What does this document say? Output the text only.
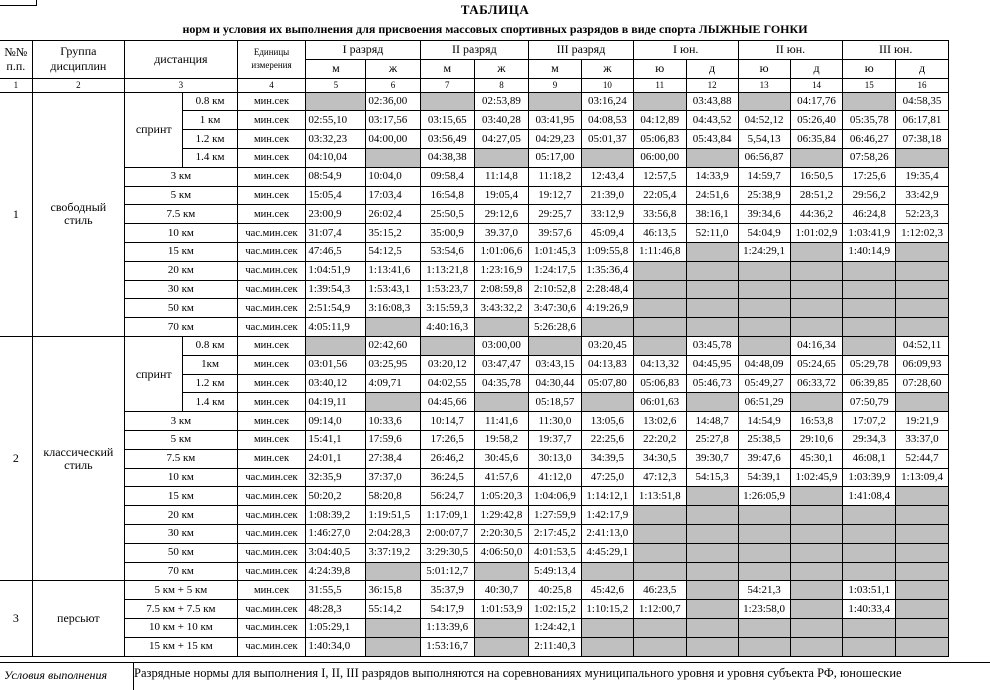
ТАБЛИЦА
норм и условия их выполнения для присвоения массовых спортивных разрядов в виде спорта ЛЫЖНЫЕ ГОНКИ
№№
п.п.	Группа
дисциплин	дистанция		Единицы
измерения	I разряд		II разряд		III разряд		I юн.		II юн.		III юн.	
					м	ж	м	ж	м	ж	ю	д	ю	д	ю	д
1	2	3		4	5	6	7	8	9	10	11	12	13	14	15	16
1	свободный
стиль	спринт	0.8 км	мин.сек		02:36,00		02:53,89		03:16,24		03:43,88		04:17,76		04:58,35
			1 км	мин.сек	02:55,10	03:17,56	03:15,65	03:40,28	03:41,95	04:08,53	04:12,89	04:43,52	04:52,12	05:26,40	05:35,78	06:17,81
			1.2 км	мин.сек	03:32,23	04:00,00	03:56,49	04:27,05	04:29,23	05:01,37	05:06,83	05:43,84	5,54,13	06:35,84	06:46,27	07:38,18
			1.4 км	мин.сек	04:10,04		04:38,38		05:17,00		06:00,00		06:56,87		07:58,26	
		3 км		мин.сек	08:54,9	10:04,0	09:58,4	11:14,8	11:18,2	12:43,4	12:57,5	14:33,9	14:59,7	16:50,5	17:25,6	19:35,4
		5 км		мин.сек	15:05,4	17:03,4	16:54,8	19:05,4	19:12,7	21:39,0	22:05,4	24:51,6	25:38,9	28:51,2	29:56,2	33:42,9
		7.5 км		мин.сек	23:00,9	26:02,4	25:50,5	29:12,6	29:25,7	33:12,9	33:56,8	38:16,1	39:34,6	44:36,2	46:24,8	52:23,3
		10 км		час.мин.сек	31:07,4	35:15,2	35:00,9	39.37,0	39:57,6	45:09,4	46:13,5	52:11,0	54:04,9	1:01:02,9	1:03:41,9	1:12:02,3
		15 км		час.мин.сек	47:46,5	54:12,5	53:54,6	1:01:06,6	1:01:45,3	1:09:55,8	1:11:46,8		1:24:29,1		1:40:14,9	
		20 км		час.мин.сек	1:04:51,9	1:13:41,6	1:13:21,8	1:23:16,9	1:24:17,5	1:35:36,4						
		30 км		час.мин.сек	1:39:54,3	1:53:43,1	1:53:23,7	2:08:59,8	2:10:52,8	2:28:48,4						
		50 км		час.мин.сек	2:51:54,9	3:16:08,3	3:15:59,3	3:43:32,2	3:47:30,6	4:19:26,9						
		70 км		час.мин.сек	4:05:11,9		4:40:16,3		5:26:28,6							
2	классический
стиль	спринт	0.8 км	мин.сек		02:42,60		03:00,00		03:20,45		03:45,78		04:16,34		04:52,11
			1км	мин.сек	03:01,56	03:25,95	03:20,12	03:47,47	03:43,15	04:13,83	04:13,32	04:45,95	04:48,09	05:24,65	05:29,78	06:09,93
			1.2 км	мин.сек	03:40,12	4:09,71	04:02,55	04:35,78	04:30,44	05:07,80	05:06,83	05:46,73	05:49,27	06:33,72	06:39,85	07:28,60
			1.4 км	мин.сек	04:19,11		04:45,66		05:18,57		06:01,63		06:51,29		07:50,79	
		3 км		мин.сек	09:14,0	10:33,6	10:14,7	11:41,6	11:30,0	13:05,6	13:02,6	14:48,7	14:54,9	16:53,8	17:07,2	19:21,9
		5 км		мин.сек	15:41,1	17:59,6	17:26,5	19:58,2	19:37,7	22:25,6	22:20,2	25:27,8	25:38,5	29:10,6	29:34,3	33:37,0
		7.5 км		мин.сек	24:01,1	27:38,4	26:46,2	30:45,6	30:13,0	34:39,5	34:30,5	39:30,7	39:47,6	45:30,1	46:08,1	52:44,7
		10 км		час.мин.сек	32:35,9	37:37,0	36:24,5	41:57,6	41:12,0	47:25,0	47:12,3	54:15,3	54:39,1	1:02:45,9	1:03:39,9	1:13:09,4
		15 км		час.мин.сек	50:20,2	58:20,8	56:24,7	1:05:20,3	1:04:06,9	1:14:12,1	1:13:51,8		1:26:05,9		1:41:08,4	
		20 км		час.мин.сек	1:08:39,2	1:19:51,5	1:17:09,1	1:29:42,8	1:27:59,9	1:42:17,9						
		30 км		час.мин.сек	1:46:27,0	2:04:28,3	2:00:07,7	2:20:30,5	2:17:45,2	2:41:13,0						
		50 км		час.мин.сек	3:04:40,5	3:37:19,2	3:29:30,5	4:06:50,0	4:01:53,5	4:45:29,1						
		70 км		час.мин.сек	4:24:39,8		5:01:12,7		5:49:13,4							
3	персьют	5 км + 5 км		мин.сек	31:55,5	36:15,8	35:37,9	40:30,7	40:25,8	45:42,6	46:23,5		54:21,3		1:03:51,1	
		7.5 км + 7.5 км		час.мин.сек	48:28,3	55:14,2	54:17,9	1:01:53,9	1:02:15,2	1:10:15,2	1:12:00,7		1:23:58,0		1:40:33,4	
		10 км + 10 км		час.мин.сек	1:05:29,1		1:13:39,6		1:24:42,1							
		15 км + 15 км		час.мин.сек	1:40:34,0		1:53:16,7		2:11:40,3							
Условия выполнения	Разрядные нормы для выполнения I, II, III разрядов выполняются на соревнованиях муниципального уровня и уровня субъекта РФ, юношеские
